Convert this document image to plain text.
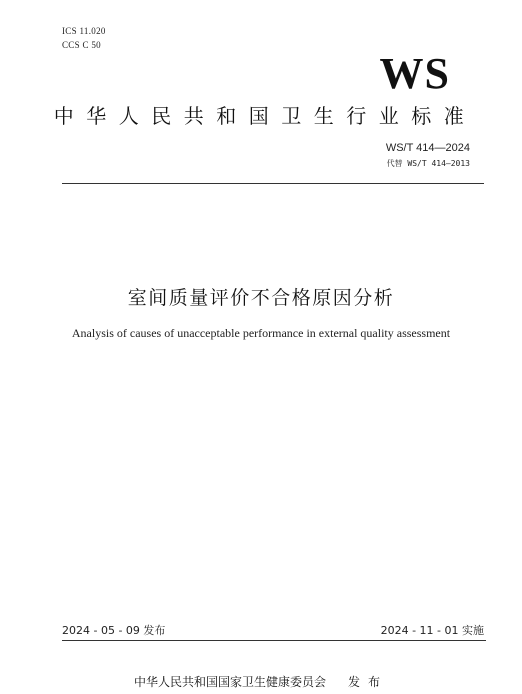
ICS 11.020
CCS C 50
WS
中华人民共和国卫生行业标准
WS/T 414—2024
代替 WS/T 414—2013
室间质量评价不合格原因分析
Analysis of causes of unacceptable performance in external quality assessment
2024 - 05 - 09 发布	2024 - 11 - 01 实施
中华人民共和国国家卫生健康委员会 发布
